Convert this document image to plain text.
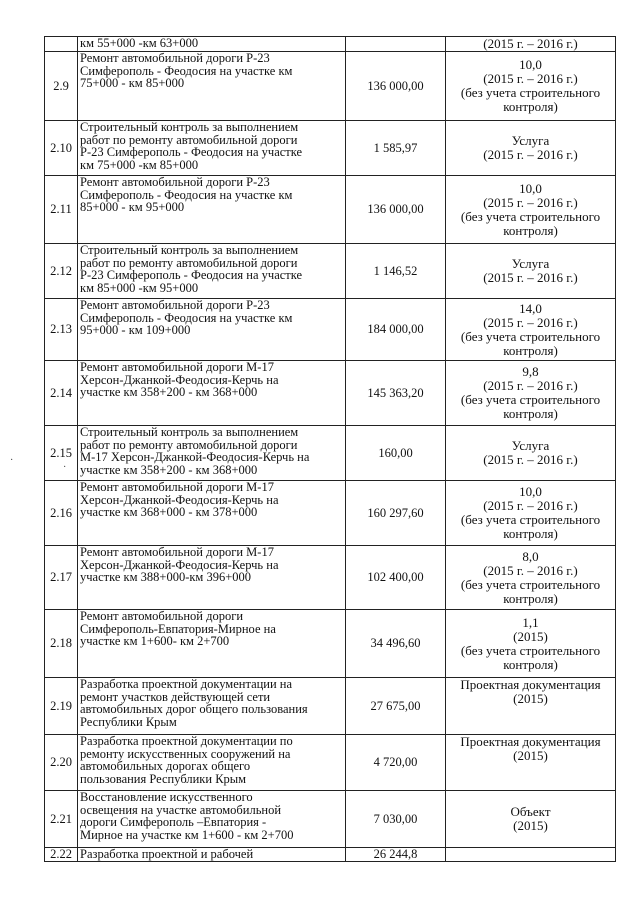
	км 55+000 -км 63+000		(2015 г. – 2016 г.)
2.9	Ремонт автомобильной дороги Р-23
Симферополь - Феодосия на участке км
75+000 - км 85+000	136 000,00	10,0
(2015 г. – 2016 г.)
(без учета строительного
контроля)
2.10	Строительный контроль за выполнением
работ по ремонту автомобильной дороги
Р-23 Симферополь - Феодосия на участке
км 75+000 -км 85+000	1 585,97	Услуга
(2015 г. – 2016 г.)
2.11	Ремонт автомобильной дороги Р-23
Симферополь - Феодосия на участке км
85+000 - км 95+000	136 000,00	10,0
(2015 г. – 2016 г.)
(без учета строительного
контроля)
2.12	Строительный контроль за выполнением
работ по ремонту автомобильной дороги
Р-23 Симферополь - Феодосия на участке
км 85+000 -км 95+000	1 146,52	Услуга
(2015 г. – 2016 г.)
2.13	Ремонт автомобильной дороги Р-23
Симферополь - Феодосия на участке км
95+000 - км 109+000	184 000,00	14,0
(2015 г. – 2016 г.)
(без учета строительного
контроля)
2.14	Ремонт автомобильной дороги М-17
Херсон-Джанкой-Феодосия-Керчь на
участке км 358+200 - км 368+000	145 363,20	9,8
(2015 г. – 2016 г.)
(без учета строительного
контроля)
2.15	Строительный контроль за выполнением
работ по ремонту автомобильной дороги
М-17 Херсон-Джанкой-Феодосия-Керчь на
участке км 358+200 - км 368+000	160,00	Услуга
(2015 г. – 2016 г.)
2.16	Ремонт автомобильной дороги М-17
Херсон-Джанкой-Феодосия-Керчь на
участке км 368+000 - км 378+000	160 297,60	10,0
(2015 г. – 2016 г.)
(без учета строительного
контроля)
2.17	Ремонт автомобильной дороги М-17
Херсон-Джанкой-Феодосия-Керчь на
участке км 388+000-км 396+000	102 400,00	8,0
(2015 г. – 2016 г.)
(без учета строительного
контроля)
2.18	Ремонт автомобильной дороги
Симферополь-Евпатория-Мирное на
участке км 1+600- км 2+700	34 496,60	1,1
(2015)
(без учета строительного
контроля)
2.19	Разработка проектной документации на
ремонт участков действующей сети
автомобильных дорог общего пользования
Республики Крым	27 675,00	Проектная документация
(2015)
2.20	Разработка проектной документации по
ремонту искусственных сооружений на
автомобильных дорогах общего
пользования Республики Крым	4 720,00	Проектная документация
(2015)
2.21	Восстановление искусственного
освещения на участке автомобильной
дороги Симферополь –Евпатория -
Мирное на участке км 1+600 - км 2+700	7 030,00	Объект
(2015)
2.22	Разработка проектной и рабочей	26 244,8	
·
·
